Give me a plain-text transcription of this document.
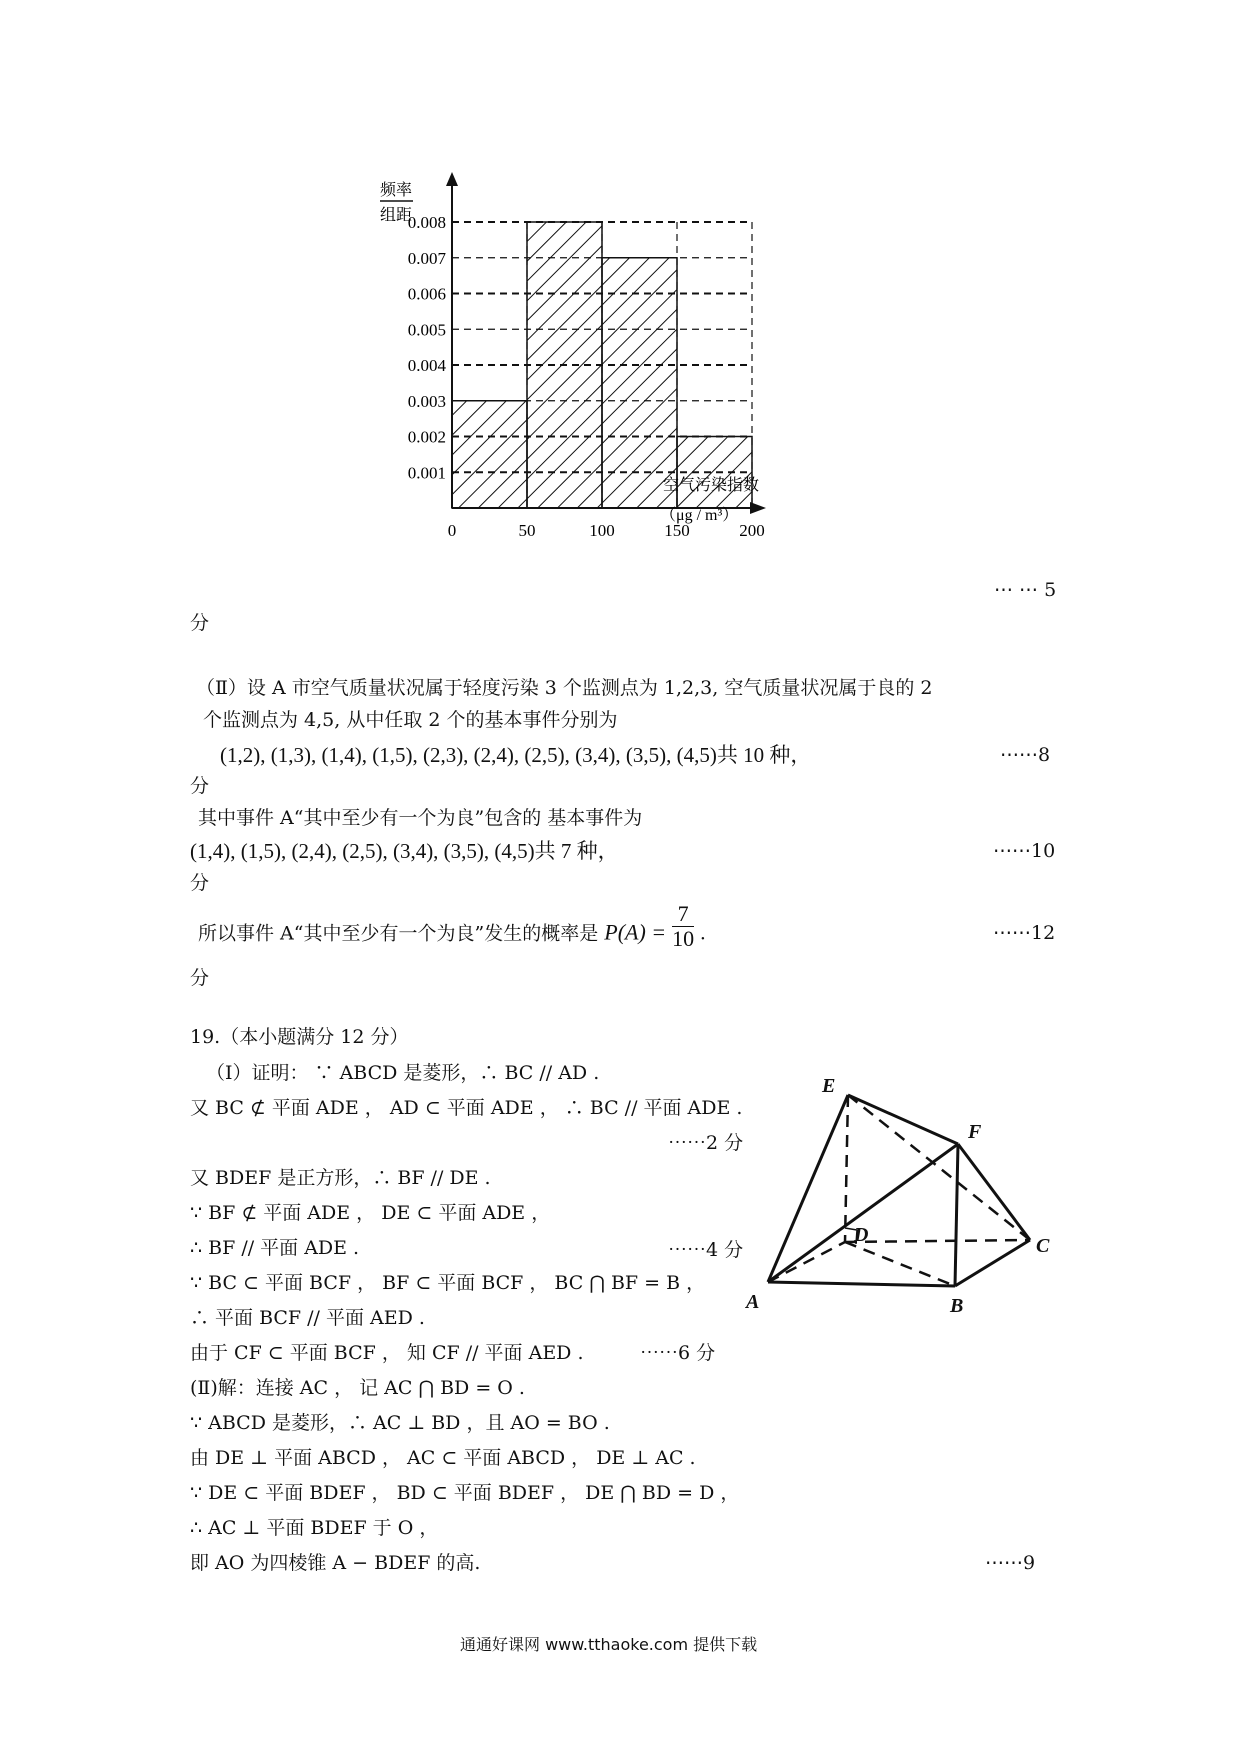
频率
组距
0.008
0.007
0.006
0.005
0.004
0.003
0.002
0.001
0	50	100	150	200
空气污染指数
（μg / m³）
⋯ ⋯ 5
分
（Ⅱ）设 A 市空气质量状况属于轻度污染 3 个监测点为 1,2,3, 空气质量状况属于良的 2
个监测点为 4,5, 从中任取 2 个的基本事件分别为
(1,2), (1,3), (1,4), (1,5), (2,3), (2,4), (2,5), (3,4), (3,5), (4,5)共 10 种，	⋯⋯8
分
其中事件 A“其中至少有一个为良”包含的 基本事件为
(1,4), (1,5), (2,4), (2,5), (3,4), (3,5), (4,5)共 7 种，	⋯⋯10
分
所以事件 A“其中至少有一个为良”发生的概率是 $P(A) = \frac{7}{10}$ .	⋯⋯12
分
19.（本小题满分 12 分）
（Ⅰ）证明： ∵ ABCD 是菱形，∴ BC // AD .
又 BC ⊄ 平面 ADE ， AD ⊂ 平面 ADE ， ∴ BC // 平面 ADE .
⋯⋯2 分
又 BDEF 是正方形，∴ BF // DE .
∵ BF ⊄ 平面 ADE ， DE ⊂ 平面 ADE ，
∴ BF // 平面 ADE .	⋯⋯4 分
∵ BC ⊂ 平面 BCF ， BF ⊂ 平面 BCF ， BC ⋂ BF = B ，
∴ 平面 BCF // 平面 AED .
由于 CF ⊂ 平面 BCF ， 知 CF // 平面 AED .	⋯⋯6 分
(Ⅱ)解：连接 AC ， 记 AC ⋂ BD = O .
∵ ABCD 是菱形，∴ AC ⊥ BD ，且 AO = BO .
由 DE ⊥ 平面 ABCD ， AC ⊂ 平面 ABCD ， DE ⊥ AC .
∵ DE ⊂ 平面 BDEF ， BD ⊂ 平面 BDEF ， DE ⋂ BD = D ，
∴ AC ⊥ 平面 BDEF 于 O ，
即 AO 为四棱锥 A − BDEF 的高.	⋯⋯9
E
F
D	C
A	B
通通好课网 www.tthaoke.com 提供下载
